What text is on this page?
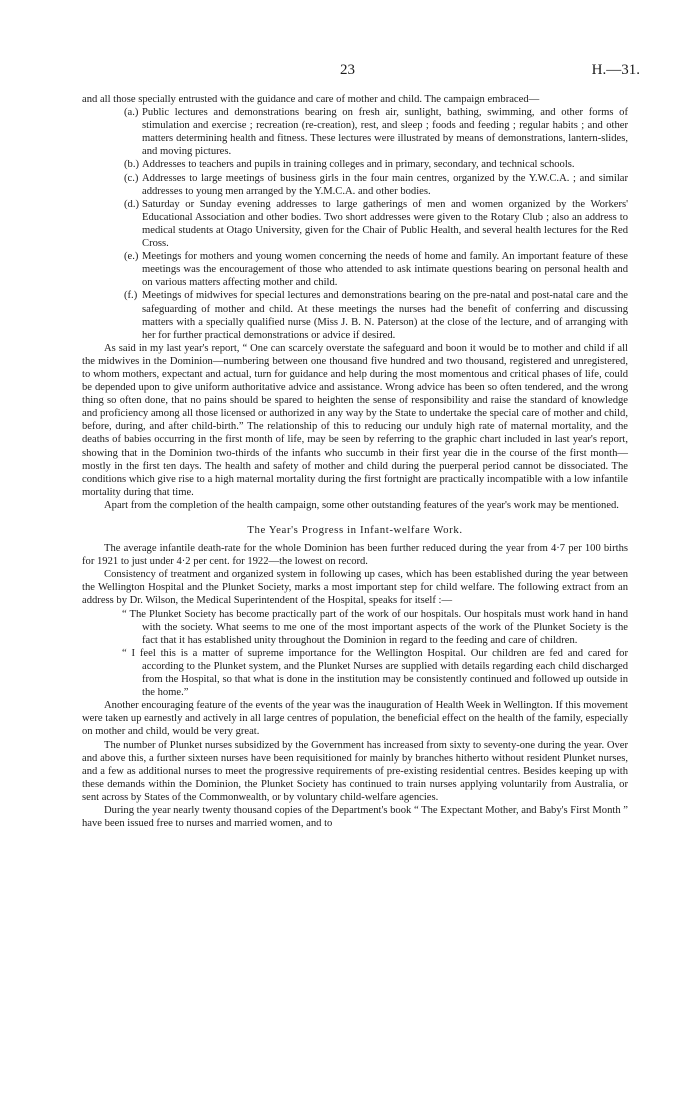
23	H.—31.

and all those specially entrusted with the guidance and care of mother and child. The campaign embraced—

(a.) Public lectures and demonstrations bearing on fresh air, sunlight, bathing, swimming, and other forms of stimulation and exercise ; recreation (re-creation), rest, and sleep ; foods and feeding ; regular habits ; and other matters determining health and fitness. These lectures were illustrated by means of demonstrations, lantern-slides, and moving pictures.

(b.) Addresses to teachers and pupils in training colleges and in primary, secondary, and technical schools.

(c.) Addresses to large meetings of business girls in the four main centres, organized by the Y.W.C.A. ; and similar addresses to young men arranged by the Y.M.C.A. and other bodies.

(d.) Saturday or Sunday evening addresses to large gatherings of men and women organized by the Workers' Educational Association and other bodies. Two short addresses were given to the Rotary Club ; also an address to medical students at Otago University, given for the Chair of Public Health, and several health lectures for the Red Cross.

(e.) Meetings for mothers and young women concerning the needs of home and family. An important feature of these meetings was the encouragement of those who attended to ask intimate questions bearing on personal health and on various matters affecting mother and child.

(f.) Meetings of midwives for special lectures and demonstrations bearing on the pre-natal and post-natal care and the safeguarding of mother and child. At these meetings the nurses had the benefit of conferring and discussing matters with a specially qualified nurse (Miss J. B. N. Paterson) at the close of the lecture, and of arranging with her for further practical demonstrations or advice if desired.

As said in my last year's report, “ One can scarcely overstate the safeguard and boon it would be to mother and child if all the midwives in the Dominion—numbering between one thousand five hundred and two thousand, registered and unregistered, to whom mothers, expectant and actual, turn for guidance and help during the most momentous and critical phases of life, could be depended upon to give uniform authoritative advice and assistance. Wrong advice has been so often tendered, and the wrong thing so often done, that no pains should be spared to heighten the sense of responsibility and raise the standard of knowledge and proficiency among all those licensed or authorized in any way by the State to undertake the special care of mother and child, before, during, and after child-birth.” The relationship of this to reducing our unduly high rate of maternal mortality, and the deaths of babies occurring in the first month of life, may be seen by referring to the graphic chart included in last year's report, showing that in the Dominion two-thirds of the infants who succumb in their first year die in the course of the first month—mostly in the first ten days. The health and safety of mother and child during the puerperal period cannot be dissociated. The conditions which give rise to a high maternal mortality during the first fortnight are practically incompatible with a low infantile mortality during that time.

Apart from the completion of the health campaign, some other outstanding features of the year's work may be mentioned.

The Year's Progress in Infant-welfare Work.

The average infantile death-rate for the whole Dominion has been further reduced during the year from 4·7 per 100 births for 1921 to just under 4·2 per cent. for 1922—the lowest on record.

Consistency of treatment and organized system in following up cases, which has been established during the year between the Wellington Hospital and the Plunket Society, marks a most important step for child welfare. The following extract from an address by Dr. Wilson, the Medical Superintendent of the Hospital, speaks for itself :—

“ The Plunket Society has become practically part of the work of our hospitals. Our hospitals must work hand in hand with the society. What seems to me one of the most important aspects of the work of the Plunket Society is the fact that it has established unity throughout the Dominion in regard to the feeding and care of children.

“ I feel this is a matter of supreme importance for the Wellington Hospital. Our children are fed and cared for according to the Plunket system, and the Plunket Nurses are supplied with details regarding each child discharged from the Hospital, so that what is done in the institution may be consistently continued and followed up outside in the home.”

Another encouraging feature of the events of the year was the inauguration of Health Week in Wellington. If this movement were taken up earnestly and actively in all large centres of population, the beneficial effect on the health of the family, especially on mother and child, would be very great.

The number of Plunket nurses subsidized by the Government has increased from sixty to seventy-one during the year. Over and above this, a further sixteen nurses have been requisitioned for mainly by branches hitherto without resident Plunket nurses, and a few as additional nurses to meet the progressive requirements of pre-existing residential centres. Besides keeping up with these demands within the Dominion, the Plunket Society has continued to train nurses applying voluntarily from Australia, or sent across by States of the Commonwealth, or by voluntary child-welfare agencies.

During the year nearly twenty thousand copies of the Department's book “ The Expectant Mother, and Baby's First Month ” have been issued free to nurses and married women, and to
